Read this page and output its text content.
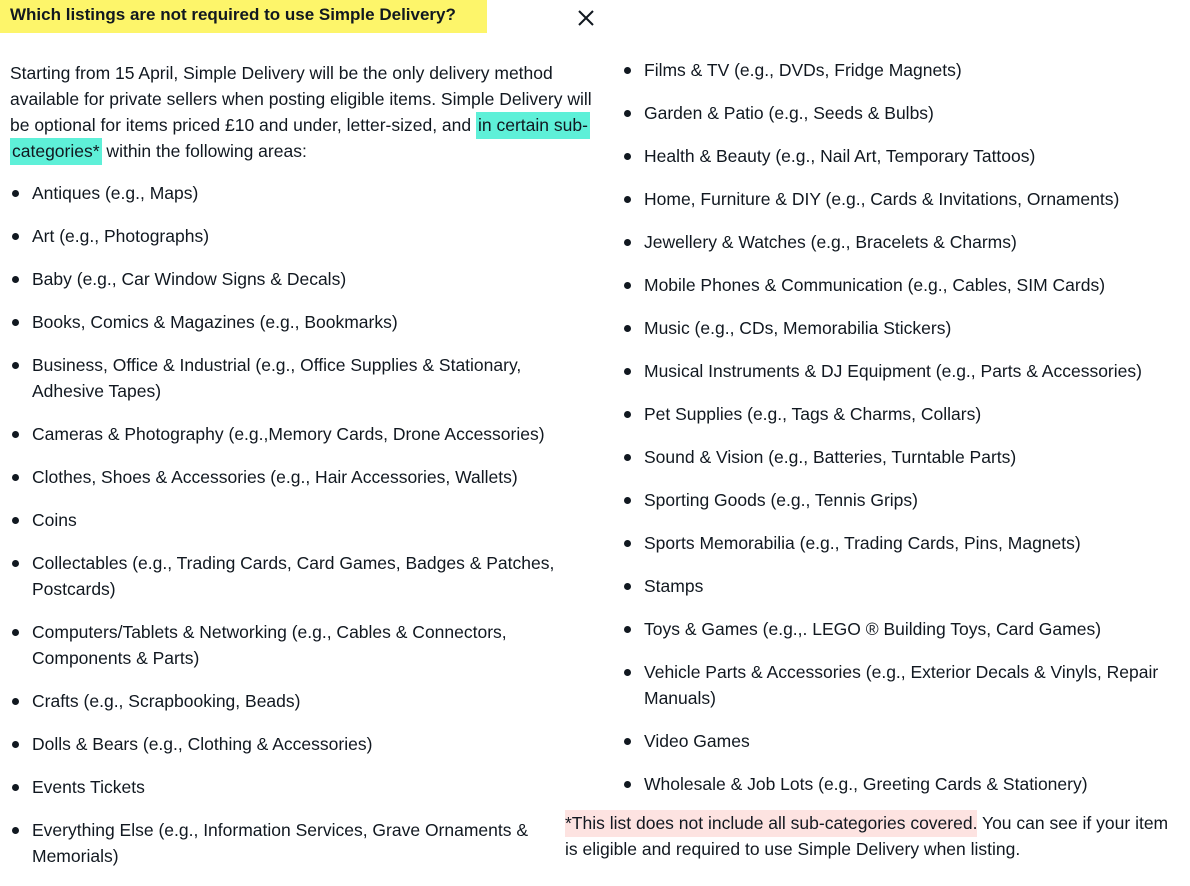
Which listings are not required to use Simple Delivery?
Starting from 15 April, Simple Delivery will be the only delivery method available for private sellers when posting eligible items. Simple Delivery will be optional for items priced £10 and under, letter-sized, and in certain sub-categories* within the following areas:
Antiques (e.g., Maps)
Art (e.g., Photographs)
Baby (e.g., Car Window Signs & Decals)
Books, Comics & Magazines (e.g., Bookmarks)
Business, Office & Industrial (e.g., Office Supplies & Stationary, Adhesive Tapes)
Cameras & Photography (e.g.,Memory Cards, Drone Accessories)
Clothes, Shoes & Accessories (e.g., Hair Accessories, Wallets)
Coins
Collectables (e.g., Trading Cards, Card Games, Badges & Patches, Postcards)
Computers/Tablets & Networking (e.g., Cables & Connectors, Components & Parts)
Crafts (e.g., Scrapbooking, Beads)
Dolls & Bears (e.g., Clothing & Accessories)
Events Tickets
Everything Else (e.g., Information Services, Grave Ornaments & Memorials)
Films & TV (e.g., DVDs, Fridge Magnets)
Garden & Patio (e.g., Seeds & Bulbs)
Health & Beauty (e.g., Nail Art, Temporary Tattoos)
Home, Furniture & DIY (e.g., Cards & Invitations, Ornaments)
Jewellery & Watches (e.g., Bracelets & Charms)
Mobile Phones & Communication (e.g., Cables, SIM Cards)
Music (e.g., CDs, Memorabilia Stickers)
Musical Instruments & DJ Equipment (e.g., Parts & Accessories)
Pet Supplies (e.g., Tags & Charms, Collars)
Sound & Vision (e.g., Batteries, Turntable Parts)
Sporting Goods (e.g., Tennis Grips)
Sports Memorabilia (e.g., Trading Cards, Pins, Magnets)
Stamps
Toys & Games (e.g.,. LEGO ® Building Toys, Card Games)
Vehicle Parts & Accessories (e.g., Exterior Decals & Vinyls, Repair Manuals)
Video Games
Wholesale & Job Lots (e.g., Greeting Cards & Stationery)
*This list does not include all sub-categories covered. You can see if your item is eligible and required to use Simple Delivery when listing.
